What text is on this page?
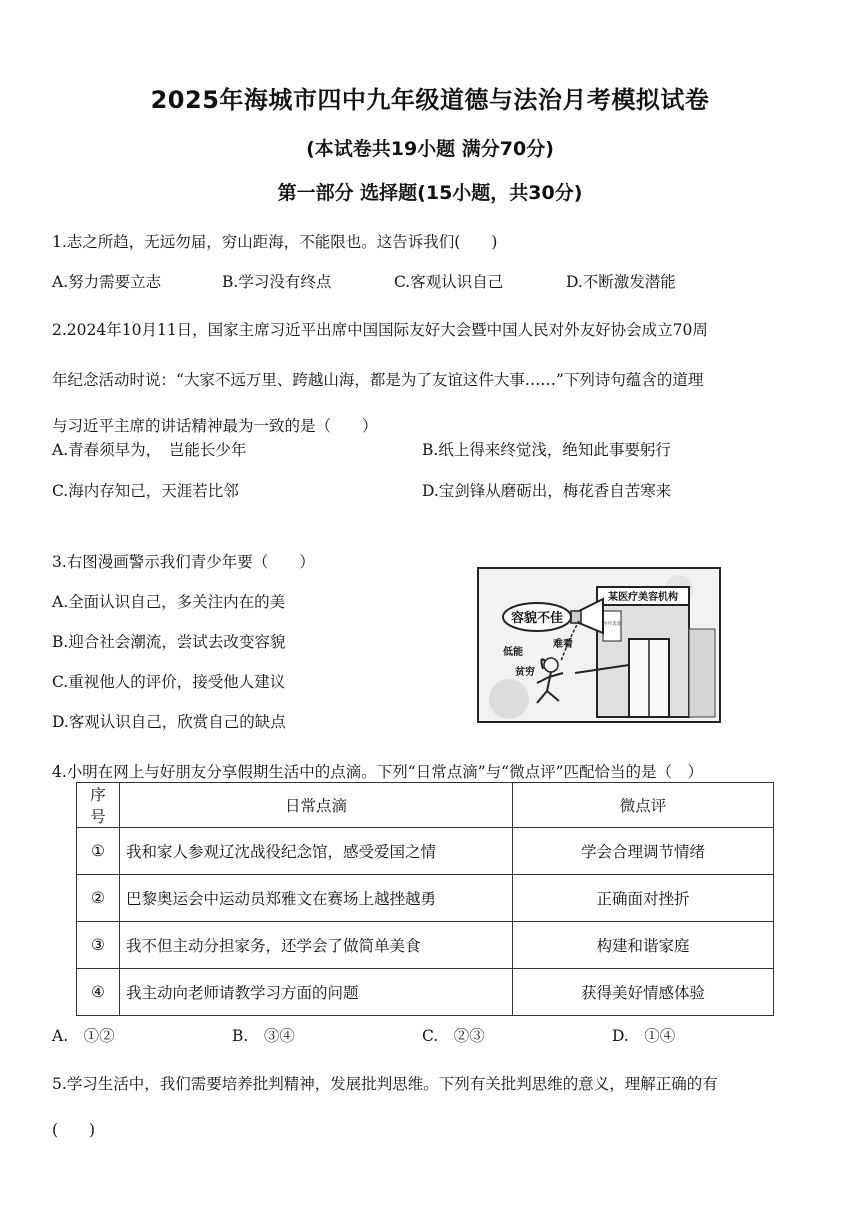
2025年海城市四中九年级道德与法治月考模拟试卷
(本试卷共19小题 满分70分)
第一部分 选择题(15小题，共30分)
1.志之所趋，无远勿届，穷山距海，不能限也。这告诉我们(　　)
A.努力需要立志	B.学习没有终点	C.客观认识自己	D.不断激发潜能
2.2024年10月11日，国家主席习近平出席中国国际友好大会暨中国人民对外友好协会成立70周
年纪念活动时说：“大家不远万里、跨越山海，都是为了友谊这件大事……”下列诗句蕴含的道理
与习近平主席的讲话精神最为一致的是（　　）
A.青春须早为，　岂能长少年	B.纸上得来终觉浅，绝知此事要躬行
C.海内存知己，天涯若比邻	D.宝剑锋从磨砺出，梅花香自苦寒来
3.右图漫画警示我们青少年要（　　）
A.全面认识自己，多关注内在的美
B.迎合社会潮流，尝试去改变容貌
C.重视他人的评价，接受他人建议
D.客观认识自己，欣赏自己的缺点
某医疗美容机构
医疗美容
容貌不佳
低能
难看
贫穷
4.小明在网上与好朋友分享假期生活中的点滴。下列“日常点滴”与“微点评”匹配恰当的是（　）
序号	日常点滴	微点评
①	我和家人参观辽沈战役纪念馆，感受爱国之情	学会合理调节情绪
②	巴黎奥运会中运动员郑雅文在赛场上越挫越勇	正确面对挫折
③	我不但主动分担家务，还学会了做简单美食	构建和谐家庭
④	我主动向老师请教学习方面的问题	获得美好情感体验
A.　①②	B.　③④	C.　②③	D.　①④
5.学习生活中，我们需要培养批判精神，发展批判思维。下列有关批判思维的意义，理解正确的有
(　　)
